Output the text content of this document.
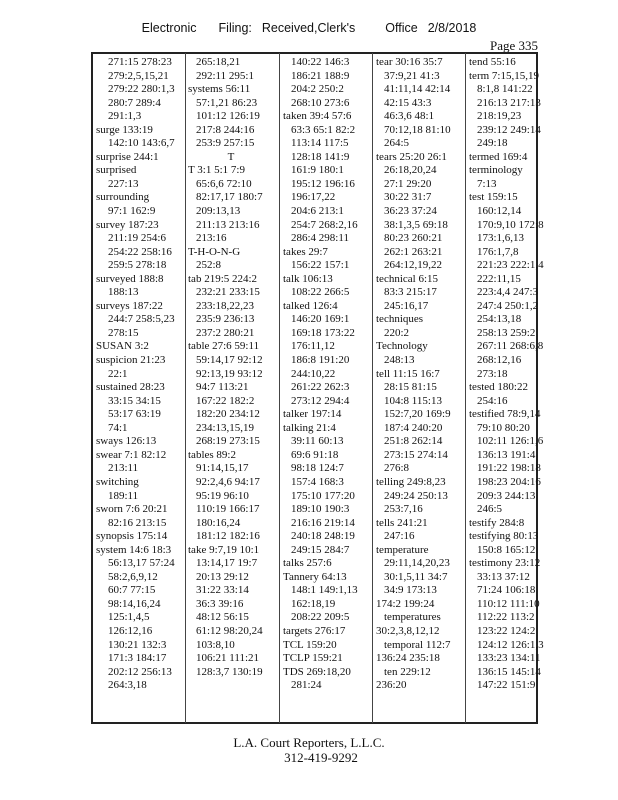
Electronic Filing: Received,Clerk's Office 2/8/2018
Page 335
271:15 278:23
279:2,5,15,21
279:22 280:1,3
280:7 289:4
291:1,3
surge 133:19
142:10 143:6,7
surprise 244:1
surprised
227:13
surrounding
97:1 162:9
survey 187:23
211:19 254:6
254:22 258:16
259:5 278:18
surveyed 188:8
188:13
surveys 187:22
244:7 258:5,23
278:15
SUSAN 3:2
suspicion 21:23
22:1
sustained 28:23
33:15 34:15
53:17 63:19
74:1
sways 126:13
swear 7:1 82:12
213:11
switching
189:11
sworn 7:6 20:21
82:16 213:15
synopsis 175:14
system 14:6 18:3
56:13,17 57:24
58:2,6,9,12
60:7 77:15
98:14,16,24
125:1,4,5
126:12,16
130:21 132:3
171:3 184:17
202:12 256:13
264:3,18
265:18,21
292:11 295:1
systems 56:11
57:1,21 86:23
101:12 126:19
217:8 244:16
253:9 257:15
T
T 3:1 5:1 7:9
65:6,6 72:10
82:17,17 180:7
209:13,13
211:13 213:16
213:16
T-H-O-N-G
252:8
tab 219:5 224:2
232:21 233:15
233:18,22,23
235:9 236:13
237:2 280:21
table 27:6 59:11
59:14,17 92:12
92:13,19 93:12
94:7 113:21
167:22 182:2
182:20 234:12
234:13,15,19
268:19 273:15
tables 89:2
91:14,15,17
92:2,4,6 94:17
95:19 96:10
110:19 166:17
180:16,24
181:12 182:16
take 9:7,19 10:1
13:14,17 19:7
20:13 29:12
31:22 33:14
36:3 39:16
48:12 56:15
61:12 98:20,24
103:8,10
106:21 111:21
128:3,7 130:19
140:22 146:3
186:21 188:9
204:2 250:2
268:10 273:6
taken 39:4 57:6
63:3 65:1 82:2
113:14 117:5
128:18 141:9
161:9 180:1
195:12 196:16
196:17,22
204:6 213:1
254:7 268:2,16
286:4 298:11
takes 29:7
156:22 157:1
talk 106:13
108:22 266:5
talked 126:4
146:20 169:1
169:18 173:22
176:11,12
186:8 191:20
244:10,22
261:22 262:3
273:12 294:4
talker 197:14
talking 21:4
39:11 60:13
69:6 91:18
98:18 124:7
157:4 168:3
175:10 177:20
189:10 190:3
216:16 219:14
240:18 248:19
249:15 284:7
talks 257:6
Tannery 64:13
148:1 149:1,13
162:18,19
208:22 209:5
targets 276:17
TCL 159:20
TCLP 159:21
TDS 269:18,20
281:24
tear 30:16 35:7
37:9,21 41:3
41:11,14 42:14
42:15 43:3
46:3,6 48:1
70:12,18 81:10
264:5
tears 25:20 26:1
26:18,20,24
27:1 29:20
30:22 31:7
36:23 37:24
38:1,3,5 69:18
80:23 260:21
262:1 263:21
264:12,19,22
technical 6:15
83:3 215:17
245:16,17
techniques
220:2
Technology
248:13
tell 11:15 16:7
28:15 81:15
104:8 115:13
152:7,20 169:9
187:4 240:20
251:8 262:14
273:15 274:14
276:8
telling 249:8,23
249:24 250:13
253:7,16
tells 241:21
247:16
temperature
29:11,14,20,23
30:1,5,11 34:7
34:9 173:13
174:2 199:24
temperatures
30:2,3,8,12,12
temporal 112:7
136:24 235:18
ten 229:12
236:20
tend 55:16
term 7:15,15,19
8:1,8 141:22
216:13 217:13
218:19,23
239:12 249:14
249:18
termed 169:4
terminology
7:13
test 159:15
160:12,14
170:9,10 172:8
173:1,6,13
176:1,7,8
221:23 222:1,4
222:11,15
223:4,4 247:3
247:4 250:1,2
254:13,18
258:13 259:2
267:11 268:6,8
268:12,16
273:18
tested 180:22
254:16
testified 78:9,14
79:10 80:20
102:11 126:1,6
136:13 191:4
191:22 198:18
198:23 204:16
209:3 244:13
246:5
testify 284:8
testifying 80:13
150:8 165:12
testimony 23:12
33:13 37:12
71:24 106:18
110:12 111:10
112:22 113:2
123:22 124:2
124:12 126:1,3
133:23 134:11
136:15 145:14
147:22 151:9
L.A. Court Reporters, L.L.C.
312-419-9292
